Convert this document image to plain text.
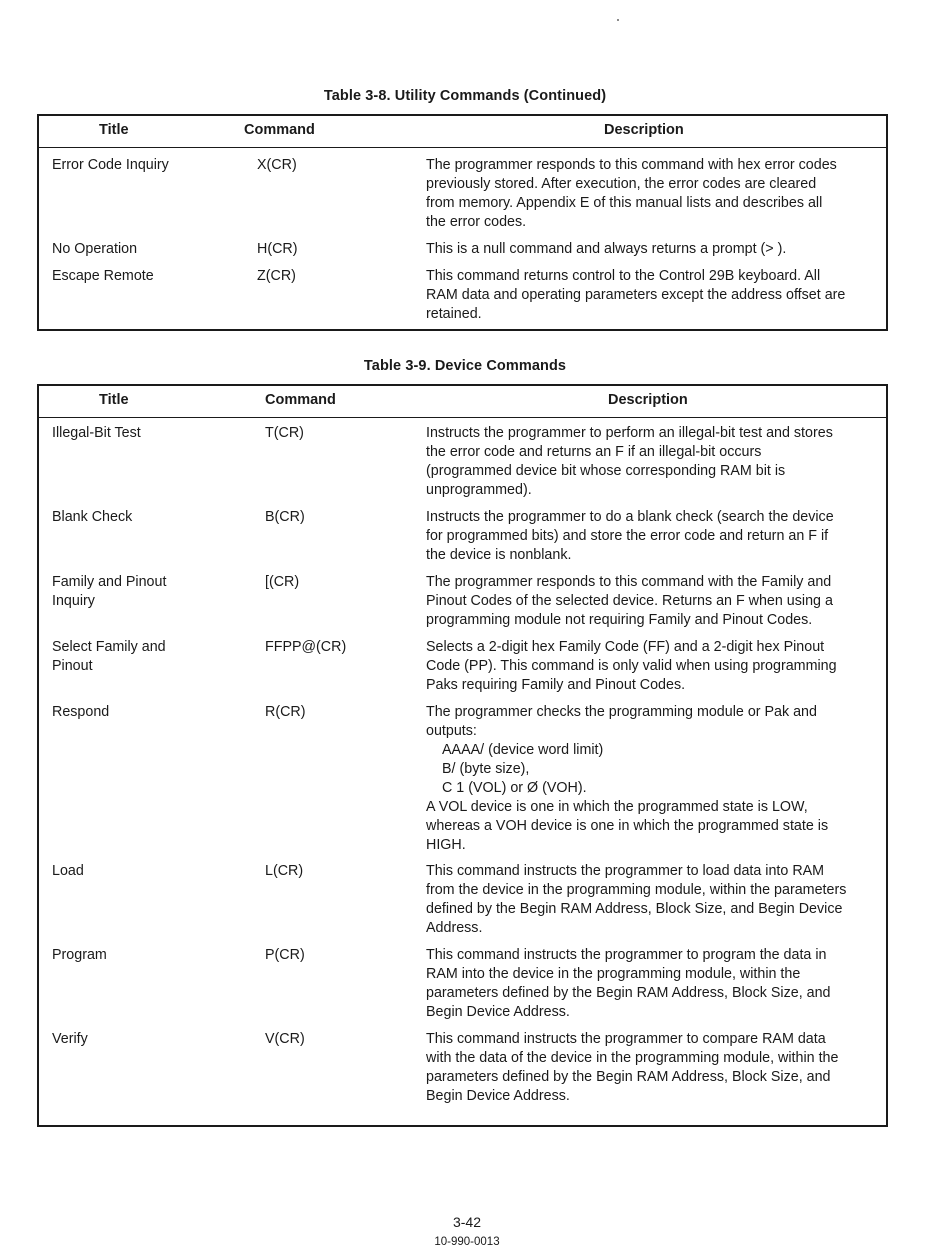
Table 3-8. Utility Commands (Continued)
Title	Command	Description
Error Code Inquiry	X(CR)	The programmer responds to this command with hex error codes
previously stored. After execution, the error codes are cleared
from memory. Appendix E of this manual lists and describes all
the error codes.
No Operation	H(CR)	This is a null command and always returns a prompt (> ).
Escape Remote	Z(CR)	This command returns control to the Control 29B keyboard. All
RAM data and operating parameters except the address offset are
retained.
Table 3-9. Device Commands
Title	Command	Description
Illegal-Bit Test	T(CR)	Instructs the programmer to perform an illegal-bit test and stores
the error code and returns an F if an illegal-bit occurs
(programmed device bit whose corresponding RAM bit is
unprogrammed).
Blank Check	B(CR)	Instructs the programmer to do a blank check (search the device
for programmed bits) and store the error code and return an F if
the device is nonblank.
Family and Pinout
Inquiry
[(CR)	The programmer responds to this command with the Family and
Pinout Codes of the selected device. Returns an F when using a
programming module not requiring Family and Pinout Codes.
Select Family and
Pinout
FFPP@(CR)	Selects a 2-digit hex Family Code (FF) and a 2-digit hex Pinout
Code (PP). This command is only valid when using programming
Paks requiring Family and Pinout Codes.
Respond	R(CR)	The programmer checks the programming module or Pak and
outputs:
AAAA/ (device word limit)
B/ (byte size),
C 1 (VOL) or Ø (VOH).
A VOL device is one in which the programmed state is LOW,
whereas a VOH device is one in which the programmed state is
HIGH.
Load	L(CR)	This command instructs the programmer to load data into RAM
from the device in the programming module, within the parameters
defined by the Begin RAM Address, Block Size, and Begin Device
Address.
Program	P(CR)	This command instructs the programmer to program the data in
RAM into the device in the programming module, within the
parameters defined by the Begin RAM Address, Block Size, and
Begin Device Address.
Verify	V(CR)	This command instructs the programmer to compare RAM data
with the data of the device in the programming module, within the
parameters defined by the Begin RAM Address, Block Size, and
Begin Device Address.
3-42
10-990-0013
